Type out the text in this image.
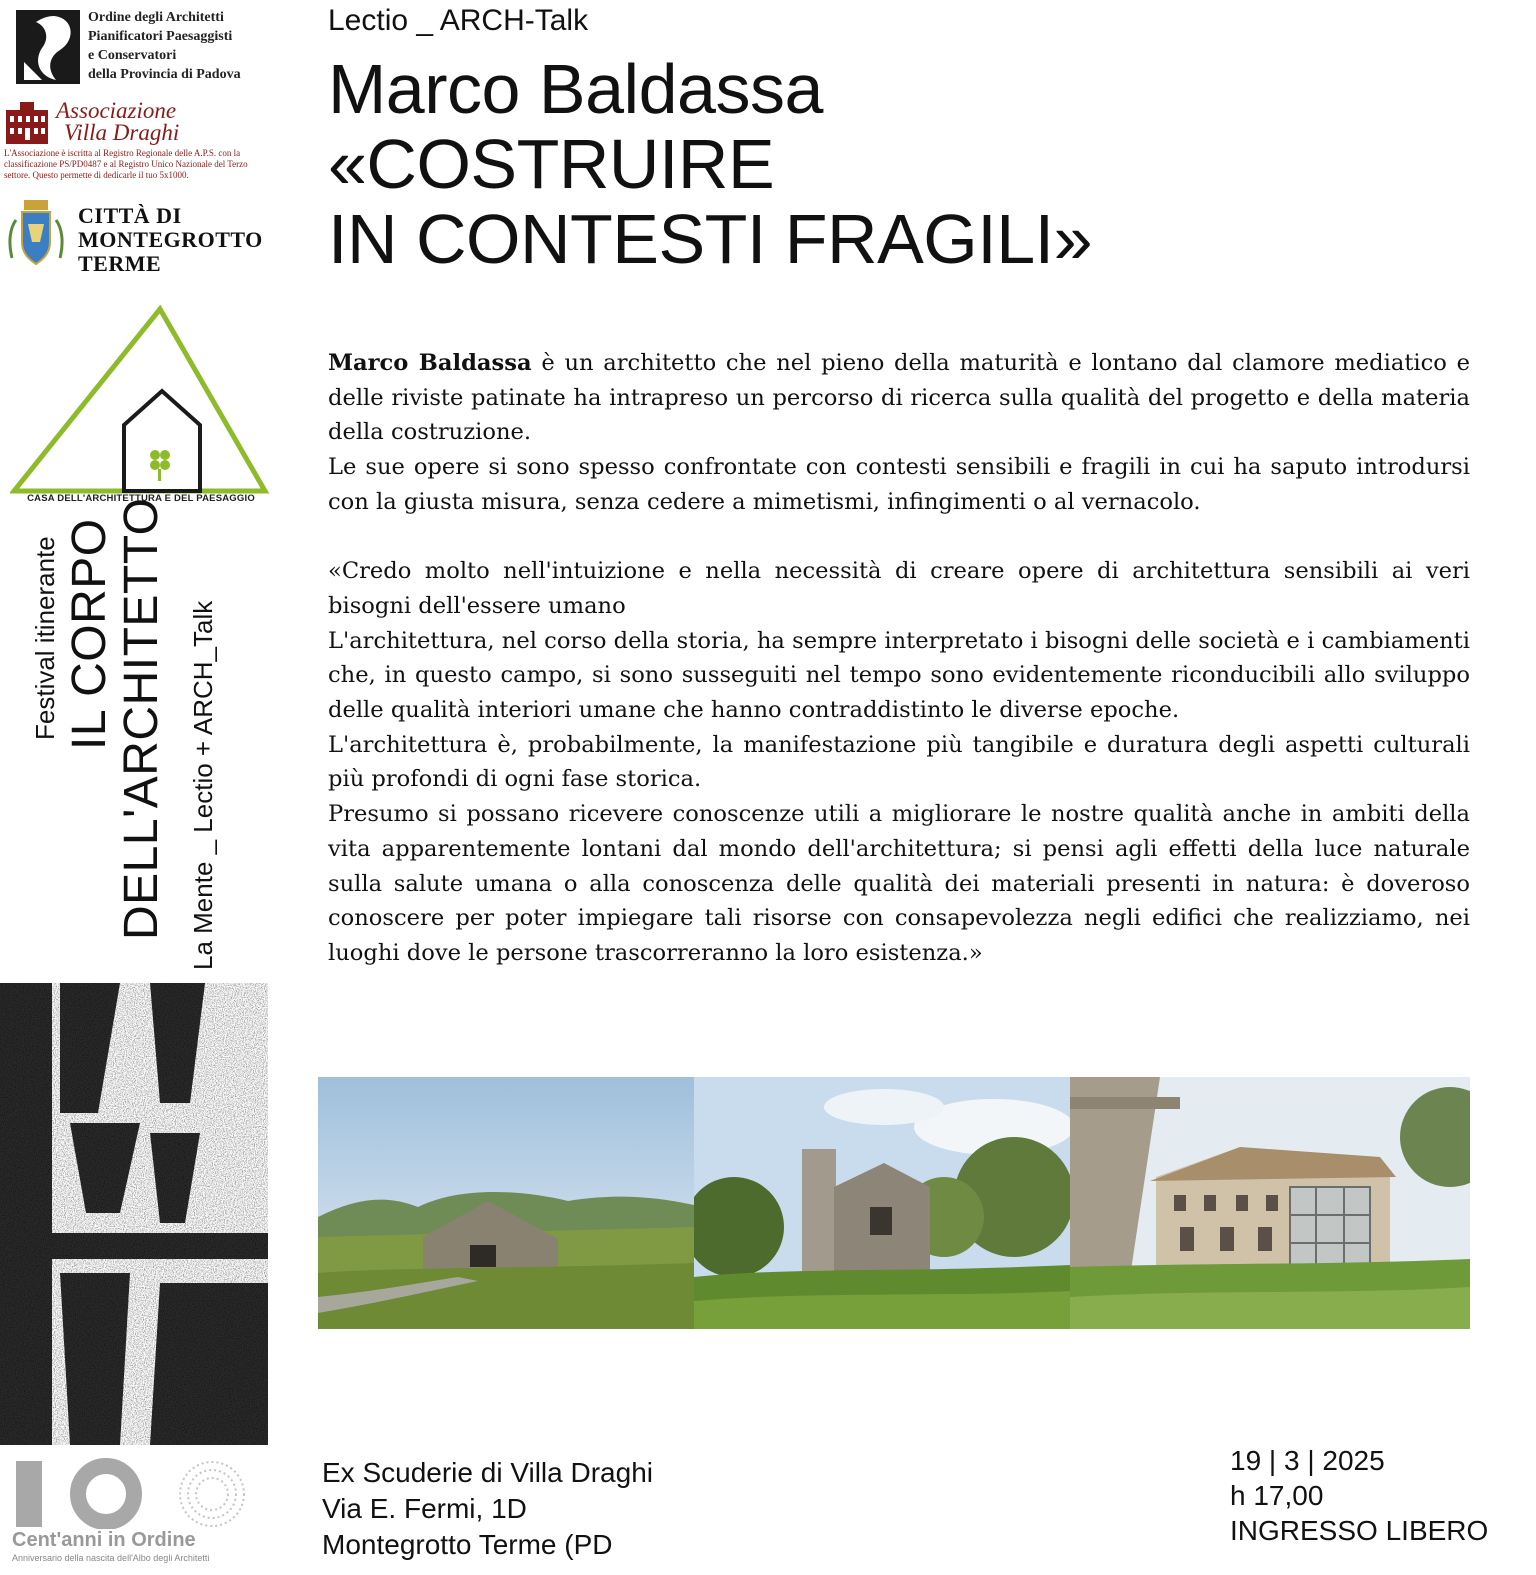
Ordine degli Architetti
Pianificatori Paesaggisti
e Conservatori
della Provincia di Padova
Associazione
Villa Draghi
L'Associazione è iscritta al Registro Regionale delle A.P.S. con la classificazione PS/PD0487 e al Registro Unico Nazionale del Terzo settore. Questo permette di dedicarle il tuo 5x1000.
CITTÀ DI
MONTEGROTTO
TERME
CASA DELL'ARCHITETTURA E DEL PAESAGGIO
Festival itinerante IL CORPO DELL'ARCHITETTO La Mente _ Lectio + ARCH_Talk
Cent'anni in Ordine
Anniversario della nascita dell'Albo degli Architetti
Lectio _ ARCH-Talk
Marco Baldassa
«COSTRUIRE
IN CONTESTI FRAGILI»

Marco Baldassa è un architetto che nel pieno della maturità e lontano dal clamore mediatico e delle riviste patinate ha intrapreso un percorso di ricerca sulla qualità del progetto e della materia della costruzione.

Le sue opere si sono spesso confrontate con contesti sensibili e fragili in cui ha saputo introdursi con la giusta misura, senza cedere a mimetismi, infingimenti o al vernacolo.

«Credo molto nell'intuizione e nella necessità di creare opere di architettura sensibili ai veri bisogni dell'essere umano

L'architettura, nel corso della storia, ha sempre interpretato i bisogni delle società e i cambiamenti che, in questo campo, si sono susseguiti nel tempo sono evidentemente riconducibili allo sviluppo delle qualità interiori umane che hanno contraddistinto le diverse epoche.

L'architettura è, probabilmente, la manifestazione più tangibile e duratura degli aspetti culturali più profondi di ogni fase storica.

Presumo si possano ricevere conoscenze utili a migliorare le nostre qualità anche in ambiti della vita apparentemente lontani dal mondo dell'architettura; si pensi agli effetti della luce naturale sulla salute umana o alla conoscenza delle qualità dei materiali presenti in natura: è doveroso conoscere per poter impiegare tali risorse con consapevolezza negli edifici che realizziamo, nei luoghi dove le persone trascorreranno la loro esistenza.»

Ex Scuderie di Villa Draghi
Via E. Fermi, 1D
Montegrotto Terme (PD
19 | 3 | 2025
h 17,00
INGRESSO LIBERO
